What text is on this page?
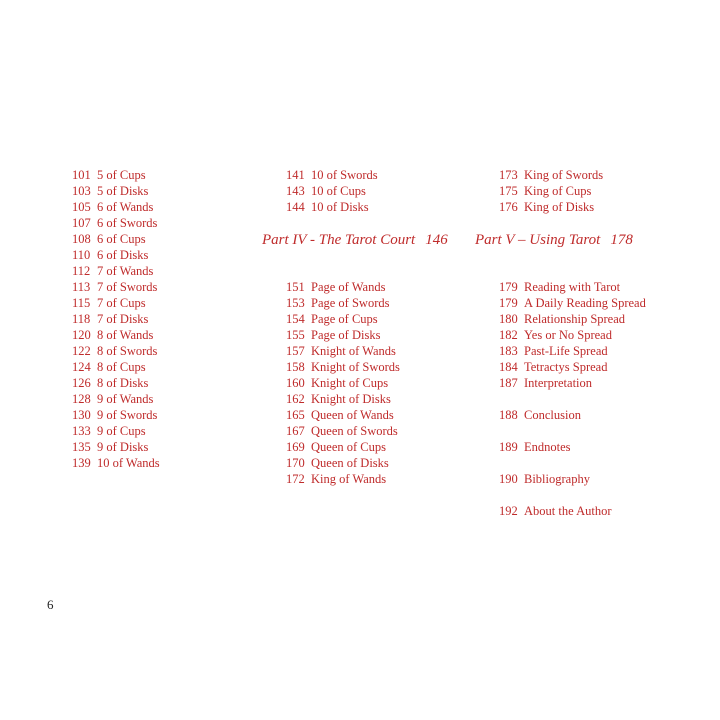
101 5 of Cups
103 5 of Disks
105 6 of Wands
107 6 of Swords
108 6 of Cups
110 6 of Disks
112 7 of Wands
113 7 of Swords
115 7 of Cups
118 7 of Disks
120 8 of Wands
122 8 of Swords
124 8 of Cups
126 8 of Disks
128 9 of Wands
130 9 of Swords
133 9 of Cups
135 9 of Disks
139 10 of Wands
141 10 of Swords
143 10 of Cups
144 10 of Disks
151 Page of Wands
153 Page of Swords
154 Page of Cups
155 Page of Disks
157 Knight of Wands
158 Knight of Swords
160 Knight of Cups
162 Knight of Disks
165 Queen of Wands
167 Queen of Swords
169 Queen of Cups
170 Queen of Disks
172 King of Wands
Part IV - The Tarot Court 146
173 King of Swords
175 King of Cups
176 King of Disks
179 Reading with Tarot
179 A Daily Reading Spread
180 Relationship Spread
182 Yes or No Spread
183 Past-Life Spread
184 Tetractys Spread
187 Interpretation
188 Conclusion
189 Endnotes
190 Bibliography
192 About the Author
Part V – Using Tarot 178
6
